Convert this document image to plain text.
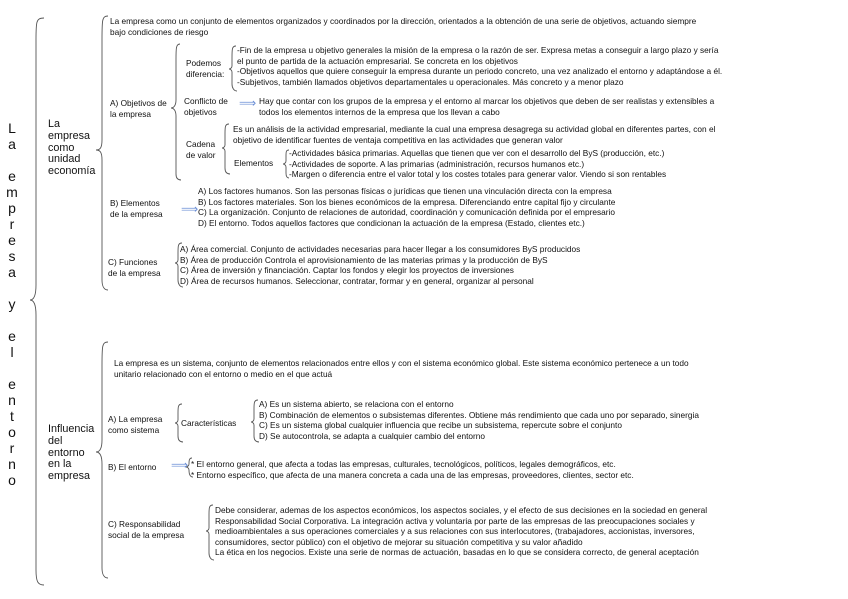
L
a
e
m
p
r
e
s
a
y
e
l
e
n
t
o
r
n
o
La
empresa
como
unidad
economía
La empresa como un conjunto de elementos organizados y coordinados por la dirección, orientados a la obtención de una serie de objetivos, actuando siempre
bajo condiciones de riesgo
A) Objetivos de
la empresa
Podemos
diferencia:
-Fin de la empresa u objetivo generales la misión de la empresa o la razón de ser. Expresa metas a conseguir a largo plazo y sería
el punto de partida de la actuación empresarial. Se concreta en los objetivos
-Objetivos aquellos que quiere conseguir la empresa durante un periodo concreto, una vez analizado el entorno y adaptándose a él.
-Subjetivos, también llamados objetivos departamentales u operacionales. Más concreto y a menor plazo
Conflicto de
objetivos
⟹ Hay que contar con los grupos de la empresa y el entorno al marcar los objetivos que deben de ser realistas y extensibles a
todos los elementos internos de la empresa que los llevan a cabo
Cadena
de valor
Es un análisis de la actividad empresarial, mediante la cual una empresa desagrega su actividad global en diferentes partes, con el
objetivo de identificar fuentes de ventaja competitiva en las actividades que generan valor
Elementos
-Actividades básica primarias. Aquellas que tienen que ver con el desarrollo del ByS (producción, etc.)
-Actividades de soporte. A las primarias (administración, recursos humanos etc.)
-Margen o diferencia entre el valor total y los costes totales para generar valor. Viendo si son rentables
B) Elementos
de la empresa ⟹
A) Los factores humanos. Son las personas físicas o jurídicas que tienen una vinculación directa con la empresa
B) Los factores materiales. Son los bienes económicos de la empresa. Diferenciando entre capital fijo y circulante
C) La organización. Conjunto de relaciones de autoridad, coordinación y comunicación definida por el empresario
D) El entorno. Todos aquellos factores que condicionan la actuación de la empresa (Estado, clientes etc.)
C) Funciones
de la empresa
A) Área comercial. Conjunto de actividades necesarias para hacer llegar a los consumidores ByS producidos
B) Área de producción Controla el aprovisionamiento de las materias primas y la producción de ByS
C) Área de inversión y financiación. Captar los fondos y elegir los proyectos de inversiones
D) Área de recursos humanos. Seleccionar, contratar, formar y en general, organizar al personal
Influencia
del
entorno
en la
empresa
La empresa es un sistema, conjunto de elementos relacionados entre ellos y con el sistema económico global. Este sistema económico pertenece a un todo
unitario relacionado con el entorno o medio en el que actuá
A) La empresa
como sistema
Características
A) Es un sistema abierto, se relaciona con el entorno
B) Combinación de elementos o subsistemas diferentes. Obtiene más rendimiento que cada uno por separado, sinergia
C) Es un sistema global cualquier influencia que recibe un subsistema, repercute sobre el conjunto
D) Se autocontrola, se adapta a cualquier cambio del entorno
B) El entorno ⟹ * El entorno general, que afecta a todas las empresas, culturales, tecnológicos, políticos, legales demográficos, etc.
* Entorno específico, que afecta de una manera concreta a cada una de las empresas, proveedores, clientes, sector etc.
C) Responsabilidad
social de la empresa
Debe considerar, ademas de los aspectos económicos, los aspectos sociales, y el efecto de sus decisiones en la sociedad en general
Responsabilidad Social Corporativa. La integración activa y voluntaria por parte de las empresas de las preocupaciones sociales y
medioambientales a sus operaciones comerciales y a sus relaciones con sus interlocutores, (trabajadores, accionistas, inversores,
consumidores, sector público) con el objetivo de mejorar su situación competitiva y su valor añadido
La ética en los negocios. Existe una serie de normas de actuación, basadas en lo que se considera correcto, de general aceptación
